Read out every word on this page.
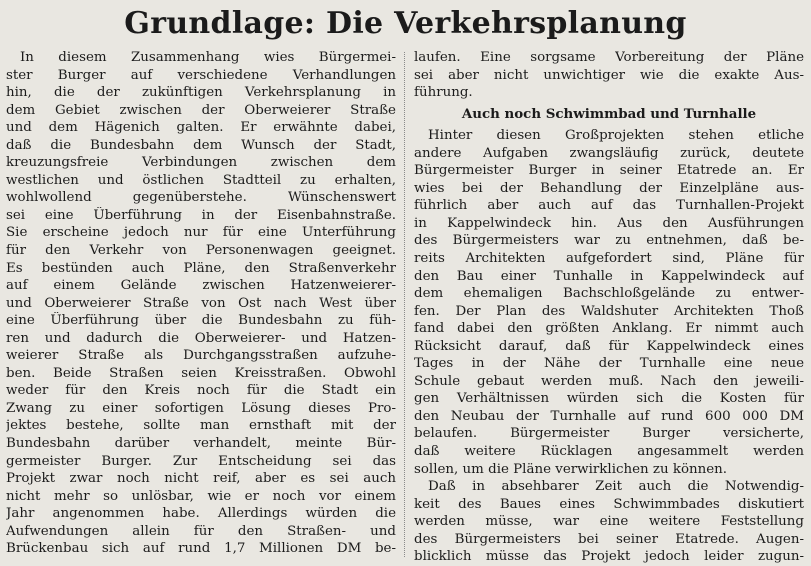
Grundlage: Die Verkehrsplanung
In diesem Zusammenhang wies Bürgermei-
ster Burger auf verschiedene Verhandlungen
hin, die der zukünftigen Verkehrsplanung in
dem Gebiet zwischen der Oberweierer Straße
und dem Hägenich galten. Er erwähnte dabei,
daß die Bundesbahn dem Wunsch der Stadt,
kreuzungsfreie Verbindungen zwischen dem
westlichen und östlichen Stadtteil zu erhalten,
wohlwollend gegenüberstehe. Wünschenswert
sei eine Überführung in der Eisenbahnstraße.
Sie erscheine jedoch nur für eine Unterführung
für den Verkehr von Personenwagen geeignet.
Es bestünden auch Pläne, den Straßenverkehr
auf einem Gelände zwischen Hatzenweierer-
und Oberweierer Straße von Ost nach West über
eine Überführung über die Bundesbahn zu füh-
ren und dadurch die Oberweierer- und Hatzen-
weierer Straße als Durchgangsstraßen aufzuhe-
ben. Beide Straßen seien Kreisstraßen. Obwohl
weder für den Kreis noch für die Stadt ein
Zwang zu einer sofortigen Lösung dieses Pro-
jektes bestehe, sollte man ernsthaft mit der
Bundesbahn darüber verhandelt, meinte Bür-
germeister Burger. Zur Entscheidung sei das
Projekt zwar noch nicht reif, aber es sei auch
nicht mehr so unlösbar, wie er noch vor einem
Jahr angenommen habe. Allerdings würden die
Aufwendungen allein für den Straßen- und
Brückenbau sich auf rund 1,7 Millionen DM be-
laufen. Eine sorgsame Vorbereitung der Pläne
sei aber nicht unwichtiger wie die exakte Aus-
führung.
Auch noch Schwimmbad und Turnhalle
Hinter diesen Großprojekten stehen etliche
andere Aufgaben zwangsläufig zurück, deutete
Bürgermeister Burger in seiner Etatrede an. Er
wies bei der Behandlung der Einzelpläne aus-
führlich aber auch auf das Turnhallen-Projekt
in Kappelwindeck hin. Aus den Ausführungen
des Bürgermeisters war zu entnehmen, daß be-
reits Architekten aufgefordert sind, Pläne für
den Bau einer Tunhalle in Kappelwindeck auf
dem ehemaligen Bachschloßgelände zu entwer-
fen. Der Plan des Waldshuter Architekten Thoß
fand dabei den größten Anklang. Er nimmt auch
Rücksicht darauf, daß für Kappelwindeck eines
Tages in der Nähe der Turnhalle eine neue
Schule gebaut werden muß. Nach den jeweili-
gen Verhältnissen würden sich die Kosten für
den Neubau der Turnhalle auf rund 600 000 DM
belaufen. Bürgermeister Burger versicherte,
daß weitere Rücklagen angesammelt werden
sollen, um die Pläne verwirklichen zu können.
Daß in absehbarer Zeit auch die Notwendig-
keit des Baues eines Schwimmbades diskutiert
werden müsse, war eine weitere Feststellung
des Bürgermeisters bei seiner Etatrede. Augen-
blicklich müsse das Projekt jedoch leider zugun-
